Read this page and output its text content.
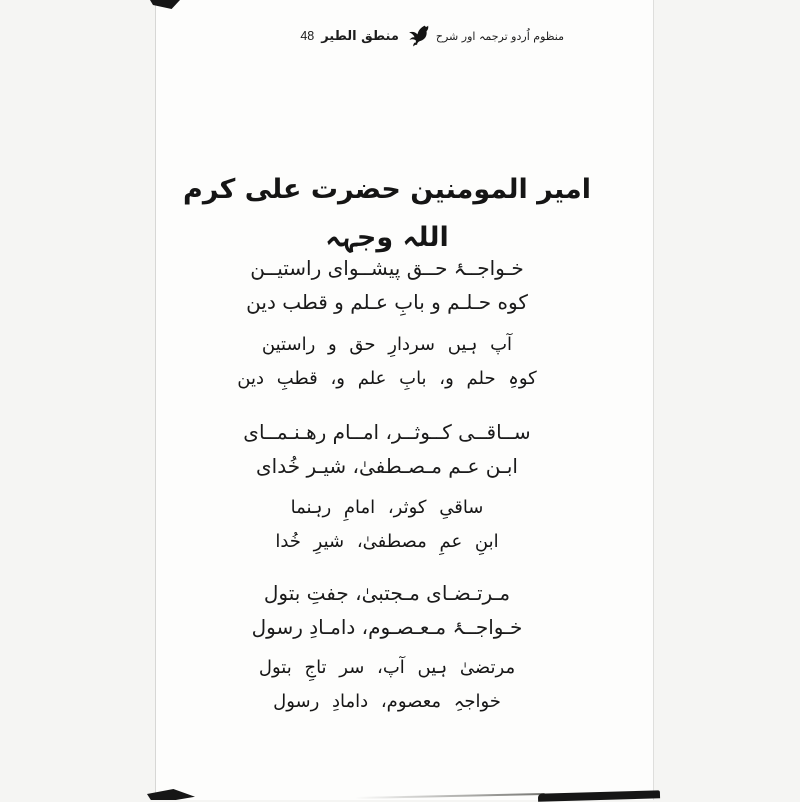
منظوم اُردو ترجمہ اور شرح
منطق الطیر
48
امیر المومنین حضرت علی کرم اللہ وجہہ
خـواجــۂ حــق پیشــوای راستیــن
کوه حـلـم و بابِ عـلم و قطب دین
آپ ہیں سردارِ حق و راستین
کوہِ حلم و، بابِ علم و، قطبِ دین
ســاقــی کــوثــر، امــام رهـنـمــای
ابـن عـم مـصـطفیٰ، شیـر خُدای
ساقیِ کوثر، امامِ رہنما
ابنِ عمِ مصطفیٰ، شیرِ خُدا
مـرتـضـای مـجتبیٰ، جفتِ بتول
خـواجــۂ مـعـصـوم، دامـادِ رسول
مرتضیٰ ہیں آپ، سر تاجِ بتول
خواجہِ معصوم، دامادِ رسول
